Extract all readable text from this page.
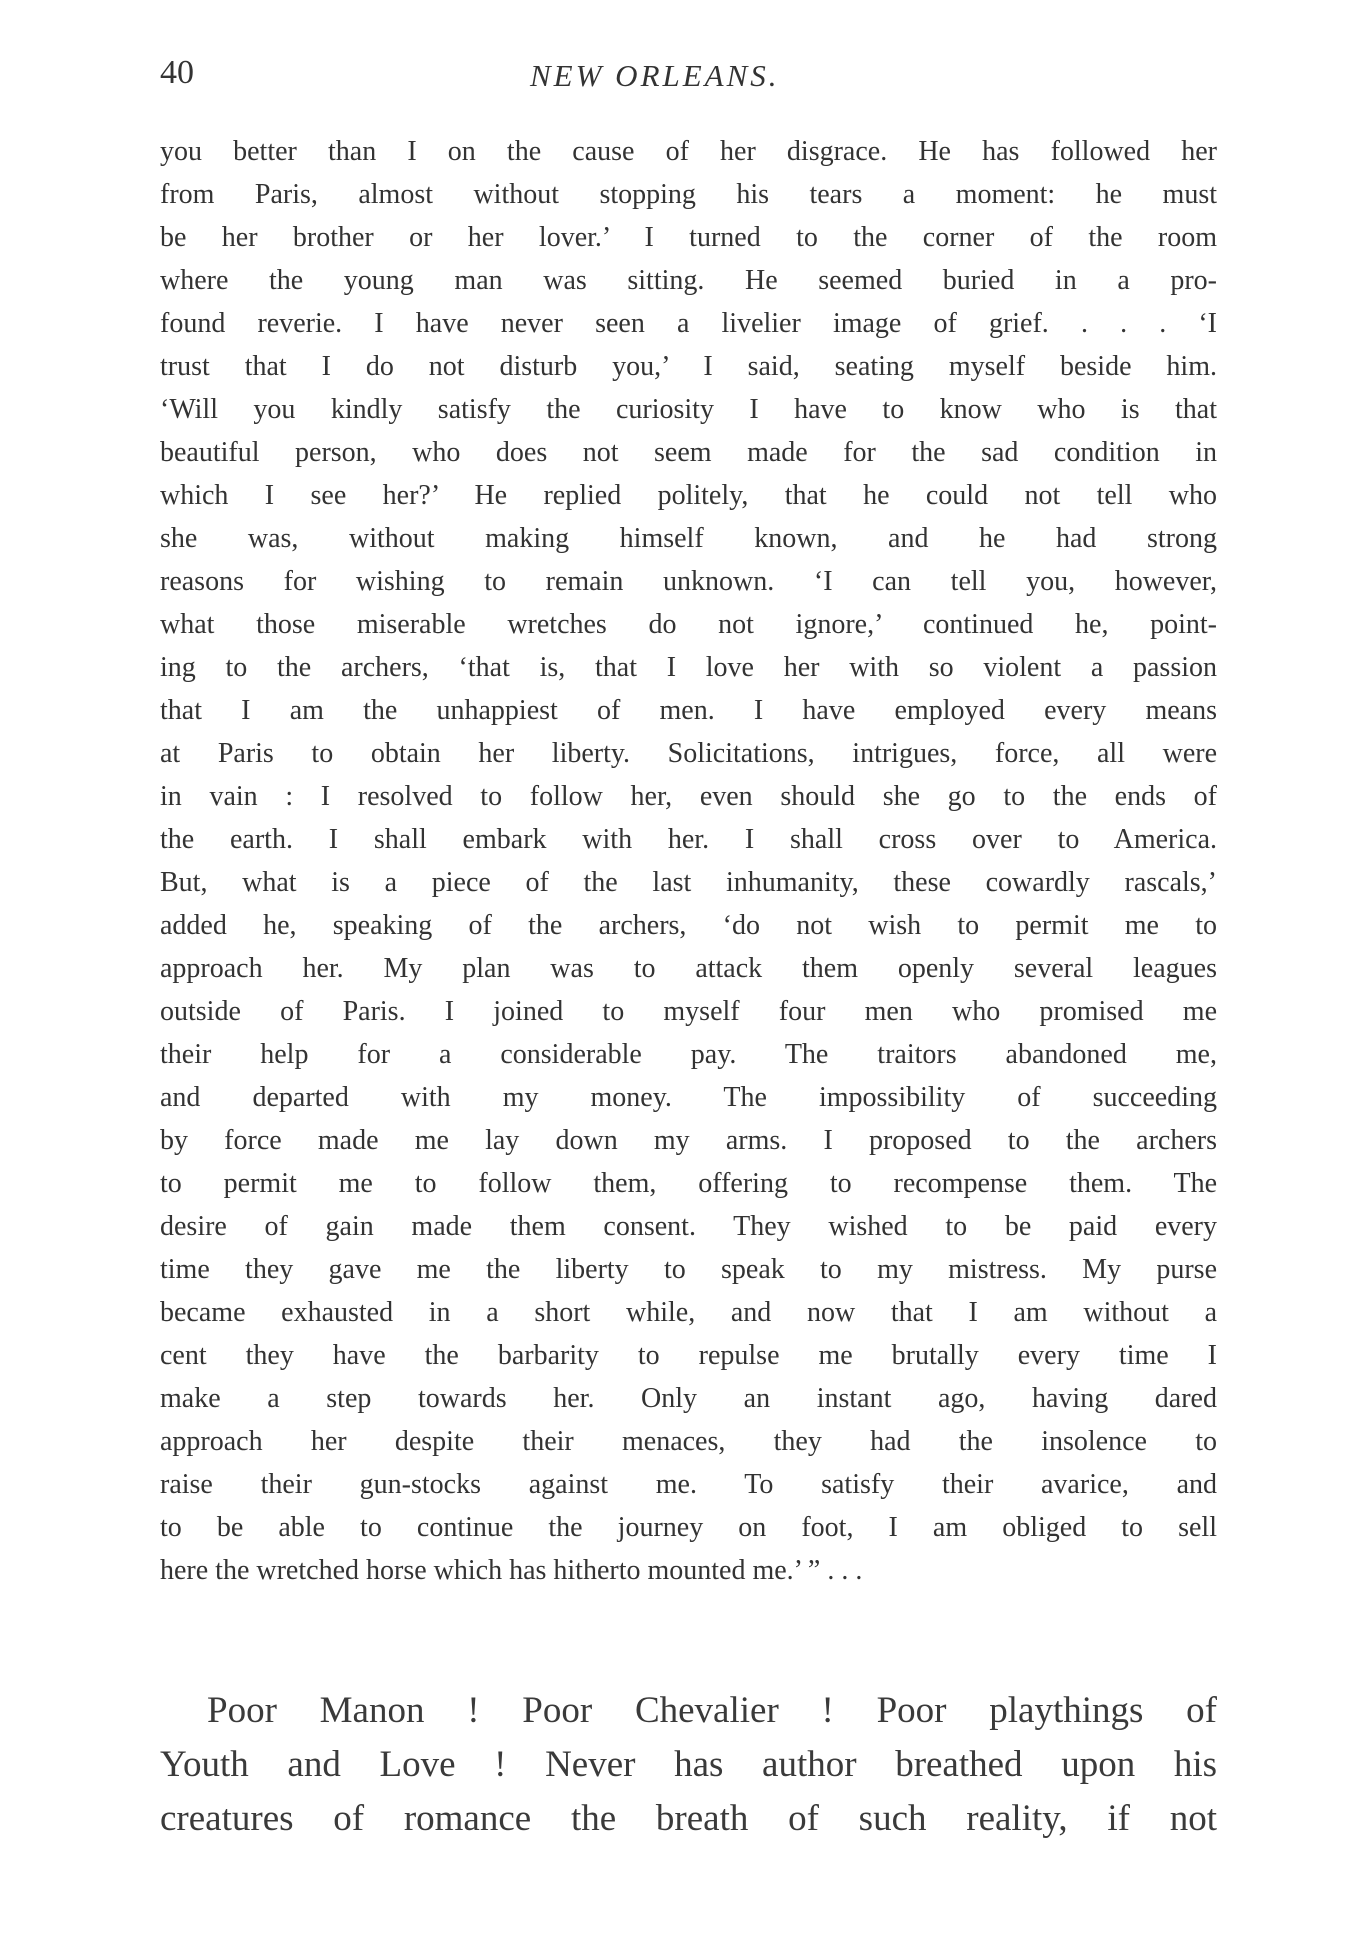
40	NEW ORLEANS.
you better than I on the cause of her disgrace. He has followed her
from Paris, almost without stopping his tears a moment: he must
be her brother or her lover.’ I turned to the corner of the room
where the young man was sitting. He seemed buried in a pro-
found reverie. I have never seen a livelier image of grief. . . . ‘I
trust that I do not disturb you,’ I said, seating myself beside him.
‘Will you kindly satisfy the curiosity I have to know who is that
beautiful person, who does not seem made for the sad condition in
which I see her?’ He replied politely, that he could not tell who
she was, without making himself known, and he had strong
reasons for wishing to remain unknown. ‘I can tell you, however,
what those miserable wretches do not ignore,’ continued he, point-
ing to the archers, ‘that is, that I love her with so violent a passion
that I am the unhappiest of men. I have employed every means
at Paris to obtain her liberty. Solicitations, intrigues, force, all were
in vain : I resolved to follow her, even should she go to the ends of
the earth. I shall embark with her. I shall cross over to America.
But, what is a piece of the last inhumanity, these cowardly rascals,’
added he, speaking of the archers, ‘do not wish to permit me to
approach her. My plan was to attack them openly several leagues
outside of Paris. I joined to myself four men who promised me
their help for a considerable pay. The traitors abandoned me,
and departed with my money. The impossibility of succeeding
by force made me lay down my arms. I proposed to the archers
to permit me to follow them, offering to recompense them. The
desire of gain made them consent. They wished to be paid every
time they gave me the liberty to speak to my mistress. My purse
became exhausted in a short while, and now that I am without a
cent they have the barbarity to repulse me brutally every time I
make a step towards her. Only an instant ago, having dared
approach her despite their menaces, they had the insolence to
raise their gun-stocks against me. To satisfy their avarice, and
to be able to continue the journey on foot, I am obliged to sell
here the wretched horse which has hitherto mounted me.’ ” . . .
Poor Manon ! Poor Chevalier ! Poor playthings of
Youth and Love ! Never has author breathed upon his
creatures of romance the breath of such reality, if not
